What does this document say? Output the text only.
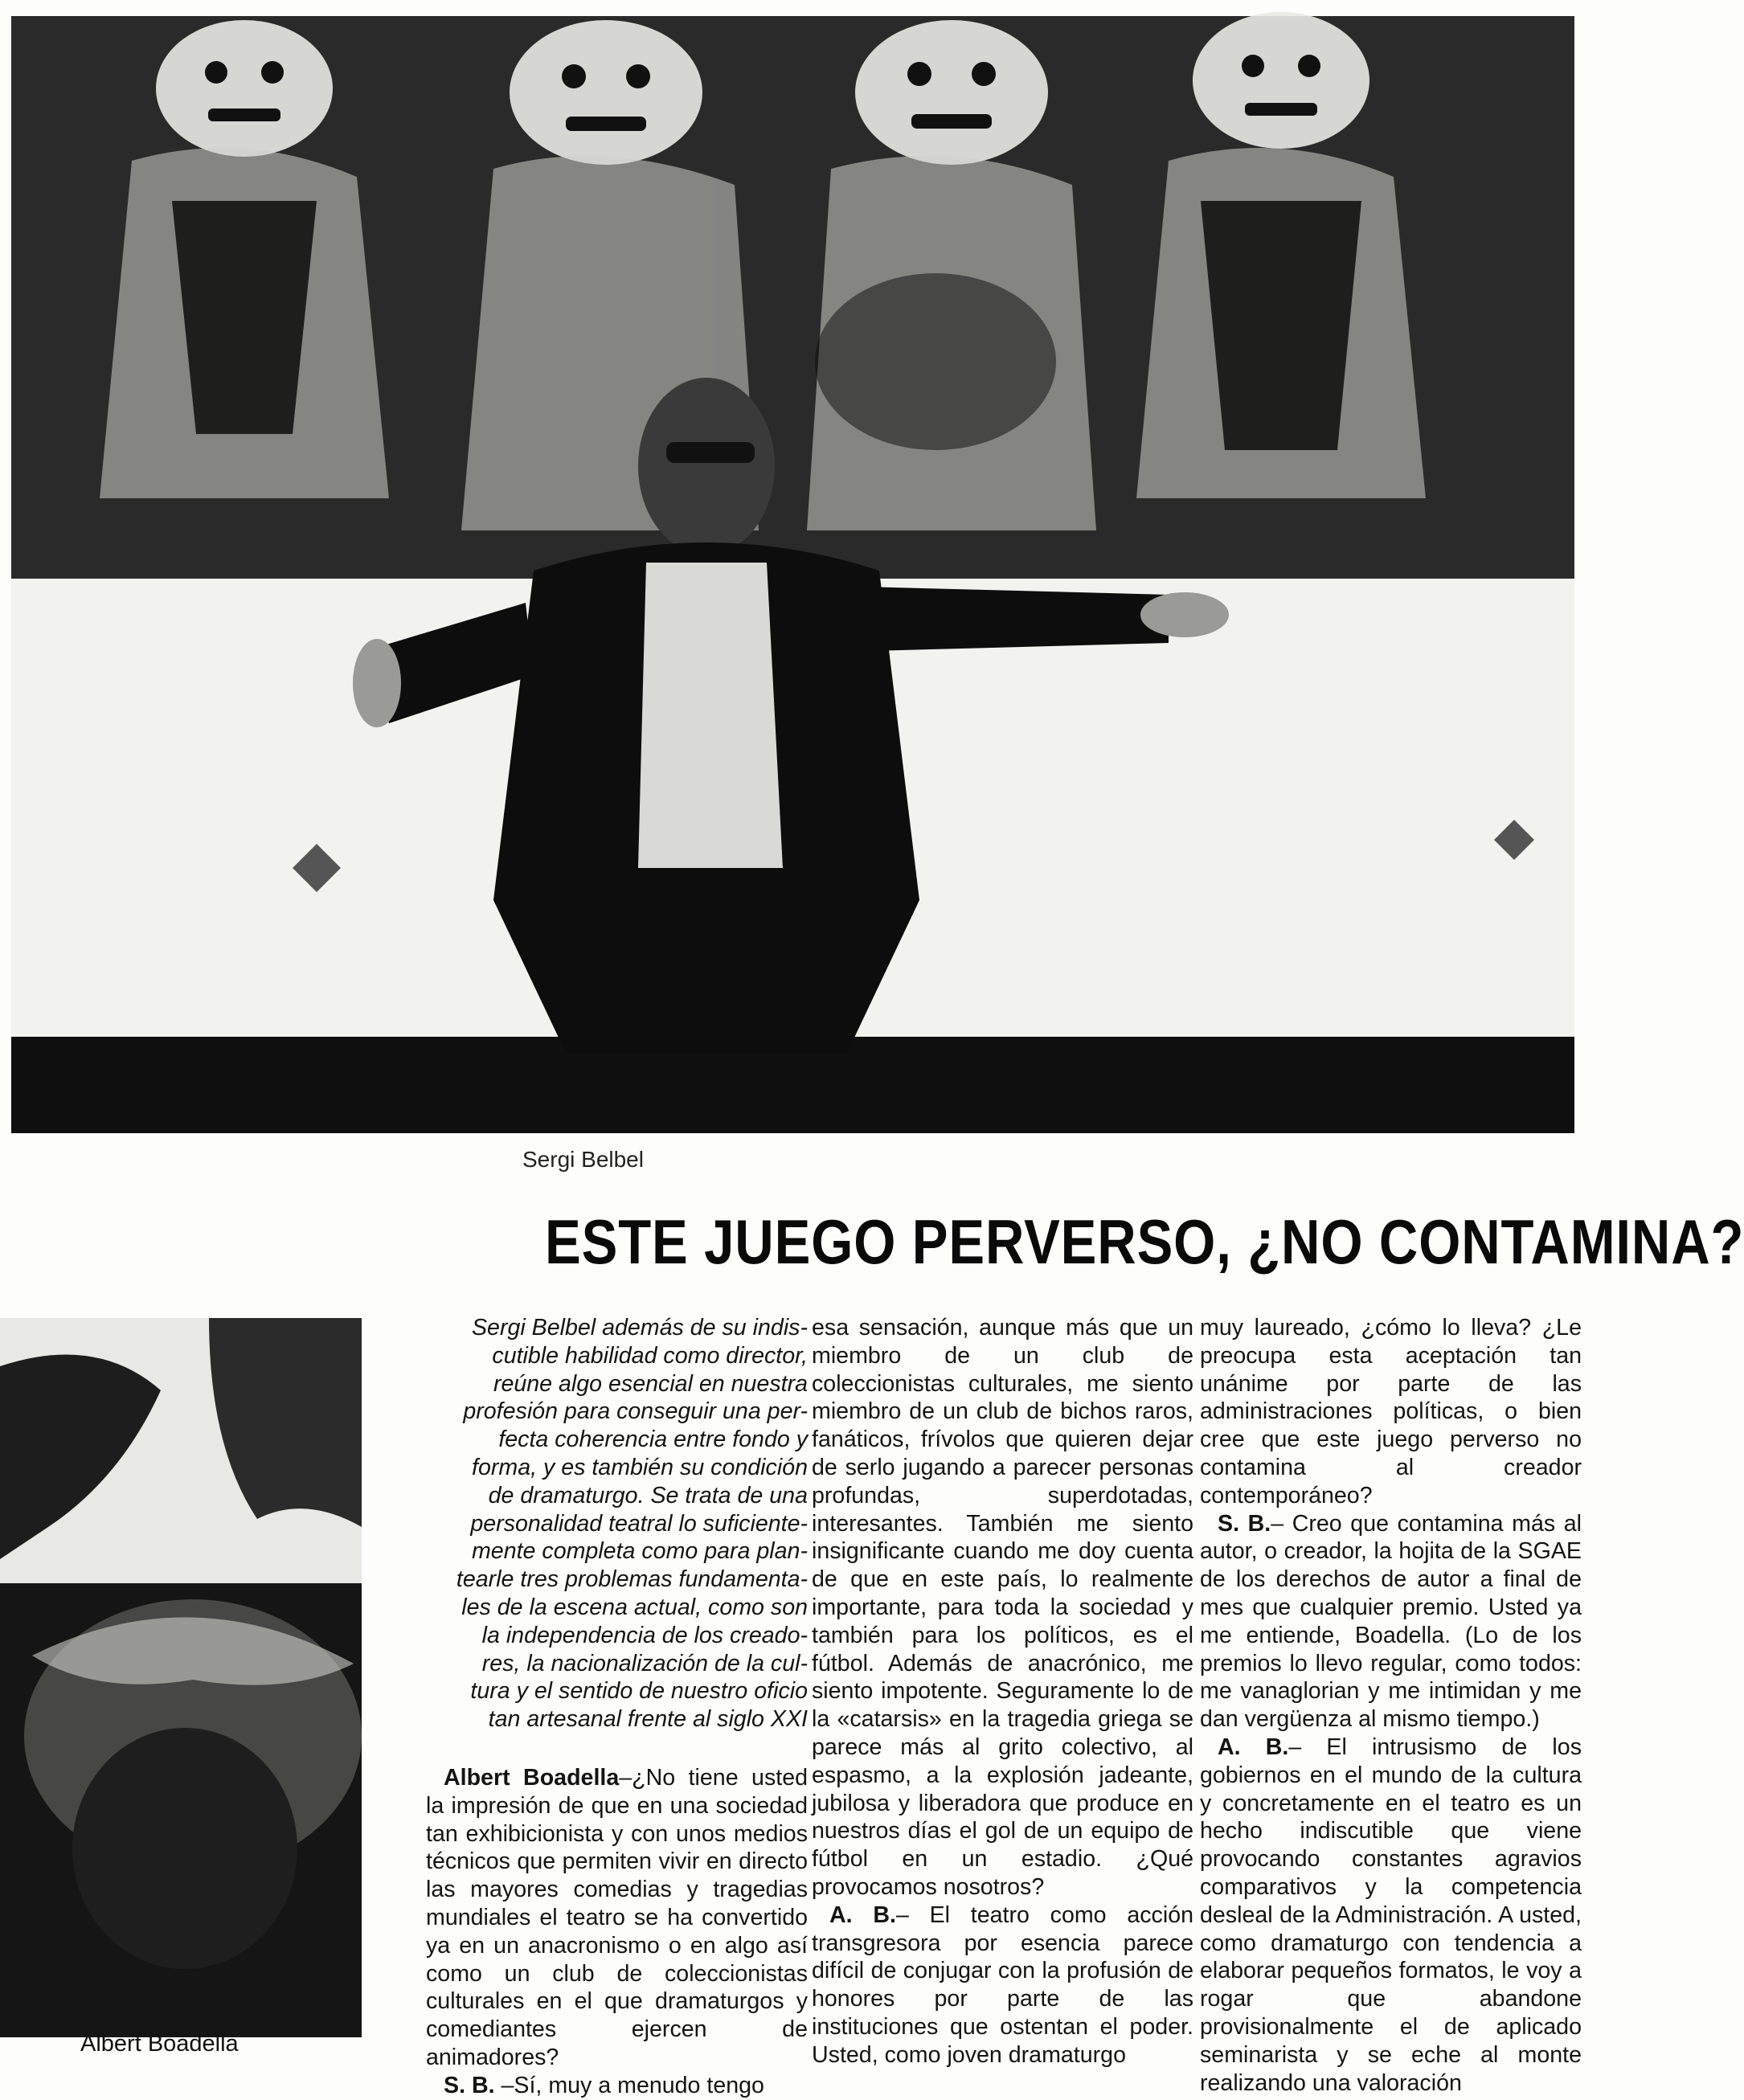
Sergi Belbel
ESTE JUEGO PERVERSO, ¿NO CONTAMINA?
Albert Boadella
Sergi Belbel además de su indis-
cutible habilidad como director,
reúne algo esencial en nuestra
profesión para conseguir una per-
fecta coherencia entre fondo y
forma, y es también su condición
de dramaturgo. Se trata de una
personalidad teatral lo suficiente-
mente completa como para plan-
tearle tres problemas fundamenta-
les de la escena actual, como son
la independencia de los creado-
res, la nacionalización de la cul-
tura y el sentido de nuestro oficio
tan artesanal frente al siglo XXI

Albert Boadella–¿No tiene usted la impresión de que en una sociedad tan exhibicionista y con unos medios técnicos que permiten vivir en directo las mayores comedias y tragedias mundiales el teatro se ha convertido ya en un anacronismo o en algo así como un club de coleccionistas culturales en el que dramaturgos y comediantes ejercen de animadores?

S. B. –Sí, muy a menudo tengo

esa sensación, aunque más que un miembro de un club de coleccionistas culturales, me siento miembro de un club de bichos raros, fanáticos, frívolos que quieren dejar de serlo jugando a parecer personas profundas, superdotadas, interesantes. También me siento insignificante cuando me doy cuenta de que en este país, lo realmente importante, para toda la sociedad y también para los políticos, es el fútbol. Además de anacrónico, me siento impotente. Seguramente lo de la «catarsis» en la tragedia griega se parece más al grito colectivo, al espasmo, a la explosión jadeante, jubilosa y liberadora que produce en nuestros días el gol de un equipo de fútbol en un estadio. ¿Qué provocamos nosotros?

A. B.– El teatro como acción transgresora por esencia parece difícil de conjugar con la profusión de honores por parte de las instituciones que ostentan el poder. Usted, como joven dramaturgo

muy laureado, ¿cómo lo lleva? ¿Le preocupa esta aceptación tan unánime por parte de las administraciones políticas, o bien cree que este juego perverso no contamina al creador contemporáneo?

S. B.– Creo que contamina más al autor, o creador, la hojita de la SGAE de los derechos de autor a final de mes que cualquier premio. Usted ya me entiende, Boadella. (Lo de los premios lo llevo regular, como todos: me vanaglorian y me intimidan y me dan vergüenza al mismo tiempo.)

A. B.– El intrusismo de los gobiernos en el mundo de la cultura y concretamente en el teatro es un hecho indiscutible que viene provocando constantes agravios comparativos y la competencia desleal de la Administración. A usted, como dramaturgo con tendencia a elaborar pequeños formatos, le voy a rogar que abandone provisionalmente el de aplicado seminarista y se eche al monte realizando una valoración
